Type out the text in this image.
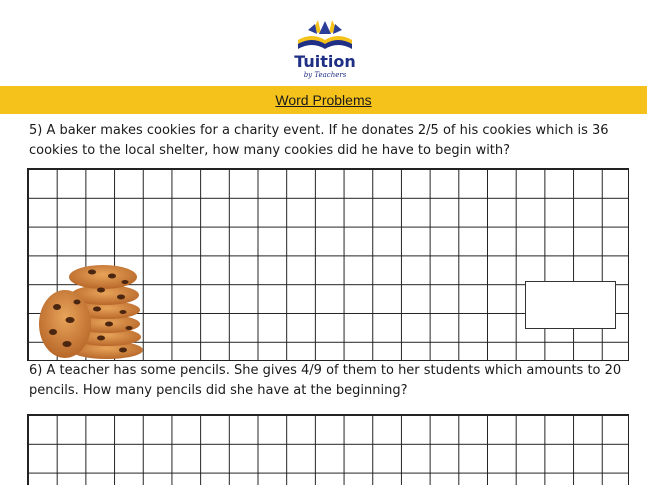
Tuition
by Teachers
Word Problems
5) A baker makes cookies for a charity event. If he donates 2/5 of his cookies which is 36 cookies to the local shelter, how many cookies did he have to begin with?
6) A teacher has some pencils. She gives 4/9 of them to her students which amounts to 20 pencils. How many pencils did she have at the beginning?
